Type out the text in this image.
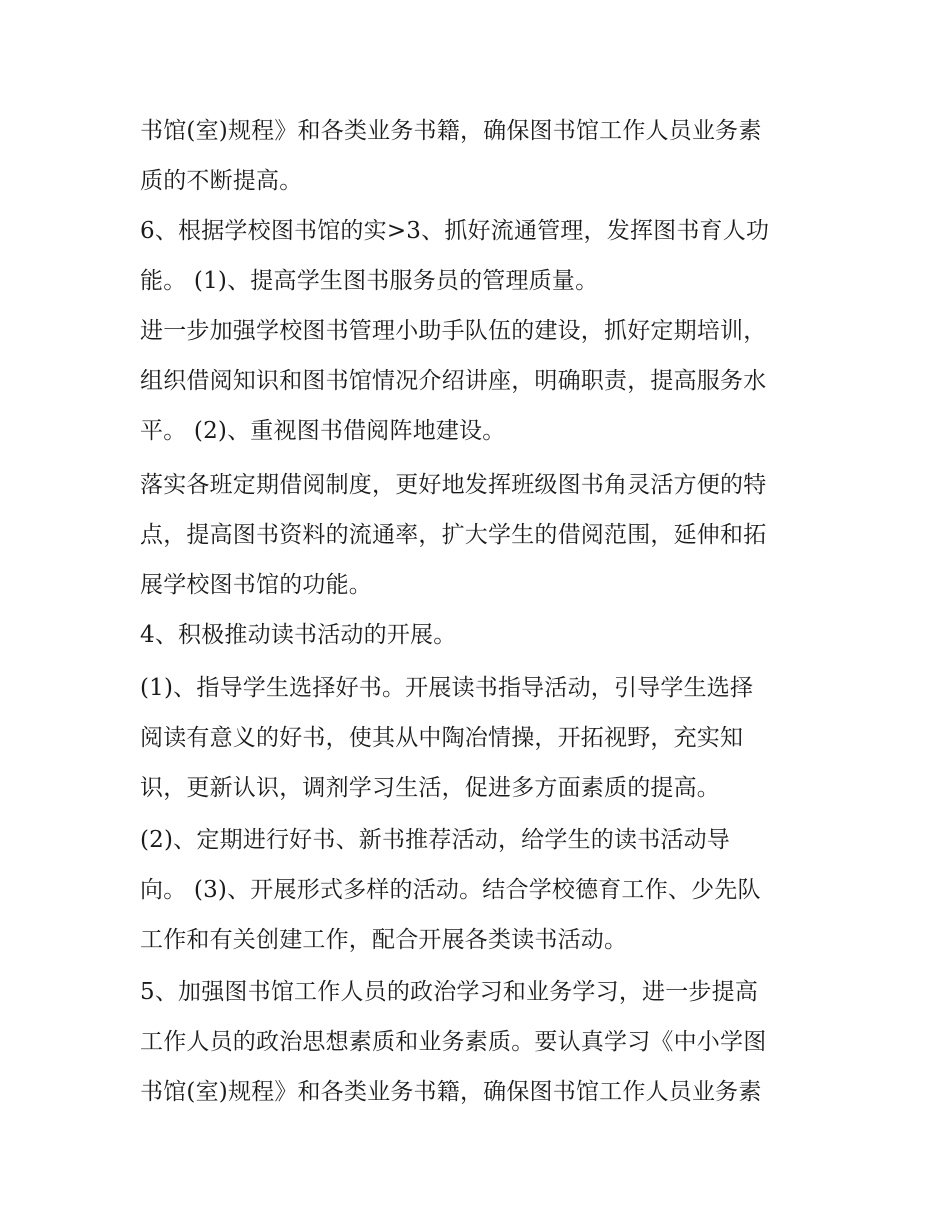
书馆(室)规程》和各类业务书籍，确保图书馆工作人员业务素
质的不断提高。
6、根据学校图书馆的实>3、抓好流通管理，发挥图书育人功
能。 (1)、提高学生图书服务员的管理质量。
进一步加强学校图书管理小助手队伍的建设，抓好定期培训，
组织借阅知识和图书馆情况介绍讲座，明确职责，提高服务水
平。 (2)、重视图书借阅阵地建设。
落实各班定期借阅制度，更好地发挥班级图书角灵活方便的特
点，提高图书资料的流通率，扩大学生的借阅范围，延伸和拓
展学校图书馆的功能。
4、积极推动读书活动的开展。
(1)、指导学生选择好书。开展读书指导活动，引导学生选择
阅读有意义的好书，使其从中陶冶情操，开拓视野，充实知
识，更新认识，调剂学习生活，促进多方面素质的提高。
(2)、定期进行好书、新书推荐活动，给学生的读书活动导
向。 (3)、开展形式多样的活动。结合学校德育工作、少先队
工作和有关创建工作，配合开展各类读书活动。
5、加强图书馆工作人员的政治学习和业务学习，进一步提高
工作人员的政治思想素质和业务素质。要认真学习《中小学图
书馆(室)规程》和各类业务书籍，确保图书馆工作人员业务素
